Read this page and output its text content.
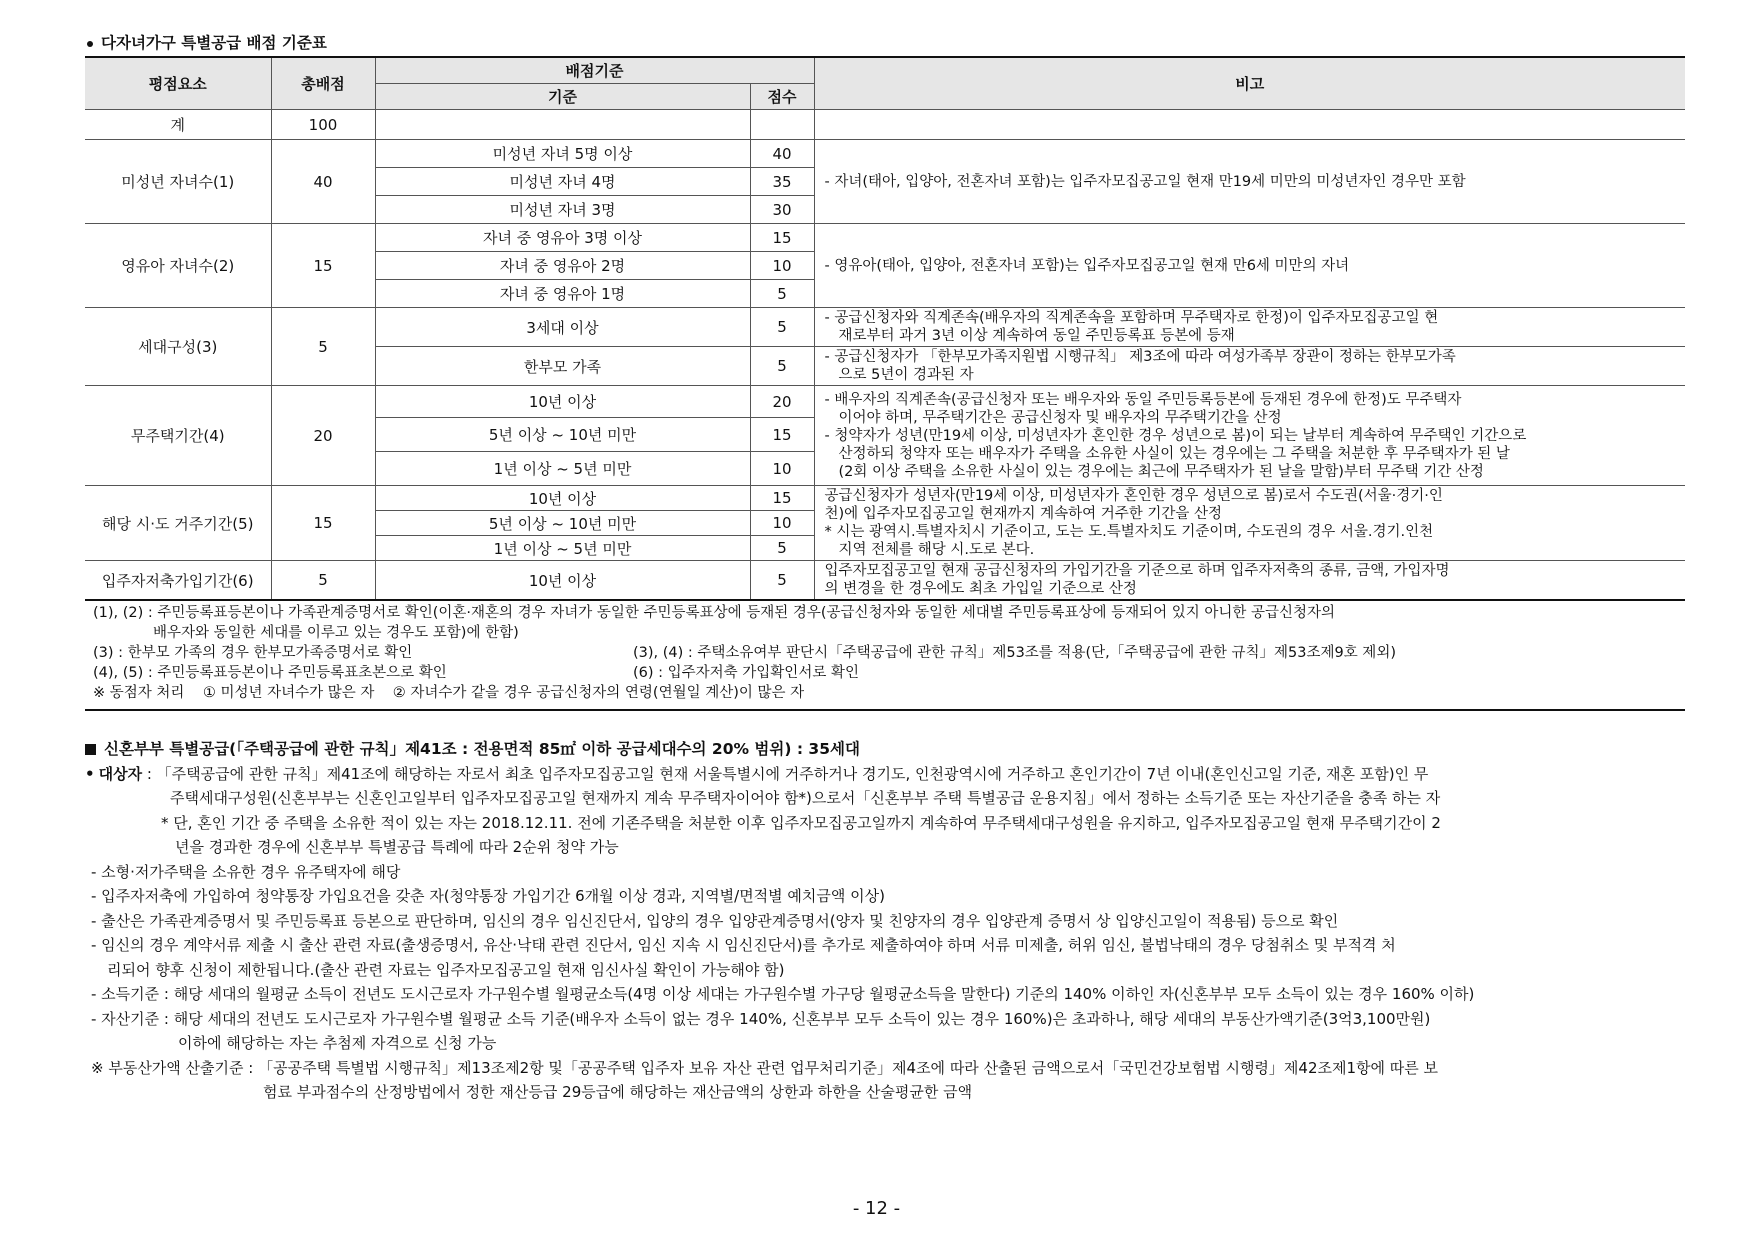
다자녀가구 특별공급 배점 기준표
평점요소	총배점	배점기준		비고
		기준	점수	
계	100			
미성년 자녀수(1)	40	미성년 자녀 5명 이상	40	- 자녀(태아, 입양아, 전혼자녀 포함)는 입주자모집공고일 현재 만19세 미만의 미성년자인 경우만 포함
		미성년 자녀 4명	35	
		미성년 자녀 3명	30	
영유아 자녀수(2)	15	자녀 중 영유아 3명 이상	15	- 영유아(태아, 입양아, 전혼자녀 포함)는 입주자모집공고일 현재 만6세 미만의 자녀
		자녀 중 영유아 2명	10	
		자녀 중 영유아 1명	5	
세대구성(3)	5	3세대 이상	5	- 공급신청자와 직계존속(배우자의 직계존속을 포함하며 무주택자로 한정)이 입주자모집공고일 현
재로부터 과거 3년 이상 계속하여 동일 주민등록표 등본에 등재

		한부모 가족	5	- 공급신청자가 「한부모가족지원법 시행규칙」 제3조에 따라 여성가족부 장관이 정하는 한부모가족
으로 5년이 경과된 자

무주택기간(4)	20	10년 이상	20	- 배우자의 직계존속(공급신청자 또는 배우자와 동일 주민등록등본에 등재된 경우에 한정)도 무주택자
이어야 하며, 무주택기간은 공급신청자 및 배우자의 무주택기간을 산정
- 청약자가 성년(만19세 이상, 미성년자가 혼인한 경우 성년으로 봄)이 되는 날부터 계속하여 무주택인 기간으로
산정하되 청약자 또는 배우자가 주택을 소유한 사실이 있는 경우에는 그 주택을 처분한 후 무주택자가 된 날
(2회 이상 주택을 소유한 사실이 있는 경우에는 최근에 무주택자가 된 날을 말함)부터 무주택 기간 산정

		5년 이상 ~ 10년 미만	15	
		1년 이상 ~ 5년 미만	10	
해당 시·도 거주기간(5)	15	10년 이상	15	공급신청자가 성년자(만19세 이상, 미성년자가 혼인한 경우 성년으로 봄)로서 수도권(서울·경기·인
천)에 입주자모집공고일 현재까지 계속하여 거주한 기간을 산정
* 시는 광역시.특별자치시 기준이고, 도는 도.특별자치도 기준이며, 수도권의 경우 서울.경기.인천
지역 전체를 해당 시.도로 본다.

		5년 이상 ~ 10년 미만	10	
		1년 이상 ~ 5년 미만	5	
입주자저축가입기간(6)	5	10년 이상	5	입주자모집공고일 현재 공급신청자의 가입기간을 기준으로 하며 입주자저축의 종류, 금액, 가입자명
의 변경을 한 경우에도 최초 가입일 기준으로 산정
(1), (2) : 주민등록표등본이나 가족관계증명서로 확인(이혼·재혼의 경우 자녀가 동일한 주민등록표상에 등재된 경우(공급신청자와 동일한 세대별 주민등록표상에 등재되어 있지 아니한 공급신청자의
배우자와 동일한 세대를 이루고 있는 경우도 포함)에 한함)
(3) : 한부모 가족의 경우 한부모가족증명서로 확인	(3), (4) : 주택소유여부 판단시「주택공급에 관한 규칙」제53조를 적용(단,「주택공급에 관한 규칙」제53조제9호 제외)
(4), (5) : 주민등록표등본이나 주민등록표초본으로 확인	(6) : 입주자저축 가입확인서로 확인
※ 동점자 처리    ① 미성년 자녀수가 많은 자    ② 자녀수가 같을 경우 공급신청자의 연령(연월일 계산)이 많은 자
신혼부부 특별공급(「주택공급에 관한 규칙」제41조 : 전용면적 85㎡ 이하 공급세대수의 20% 범위) : 35세대
• 대상자 : 「주택공급에 관한 규칙」제41조에 해당하는 자로서 최초 입주자모집공고일 현재 서울특별시에 거주하거나 경기도, 인천광역시에 거주하고 혼인기간이 7년 이내(혼인신고일 기준, 재혼 포함)인 무
주택세대구성원(신혼부부는 신혼인고일부터 입주자모집공고일 현재까지 계속 무주택자이어야 함*)으로서「신혼부부 주택 특별공급 운용지침」에서 정하는 소득기준 또는 자산기준을 충족 하는 자
* 단, 혼인 기간 중 주택을 소유한 적이 있는 자는 2018.12.11. 전에 기존주택을 처분한 이후 입주자모집공고일까지 계속하여 무주택세대구성원을 유지하고, 입주자모집공고일 현재 무주택기간이 2
년을 경과한 경우에 신혼부부 특별공급 특례에 따라 2순위 청약 가능
- 소형·저가주택을 소유한 경우 유주택자에 해당
- 입주자저축에 가입하여 청약통장 가입요건을 갖춘 자(청약통장 가입기간 6개월 이상 경과, 지역별/면적별 예치금액 이상)
- 출산은 가족관계증명서 및 주민등록표 등본으로 판단하며, 임신의 경우 임신진단서, 입양의 경우 입양관계증명서(양자 및 친양자의 경우 입양관계 증명서 상 입양신고일이 적용됨) 등으로 확인
- 임신의 경우 계약서류 제출 시 출산 관련 자료(출생증명서, 유산·낙태 관련 진단서, 임신 지속 시 임신진단서)를 추가로 제출하여야 하며 서류 미제출, 허위 임신, 불법낙태의 경우 당첨취소 및 부적격 처
리되어 향후 신청이 제한됩니다.(출산 관련 자료는 입주자모집공고일 현재 임신사실 확인이 가능해야 함)
- 소득기준 : 해당 세대의 월평균 소득이 전년도 도시근로자 가구원수별 월평균소득(4명 이상 세대는 가구원수별 가구당 월평균소득을 말한다) 기준의 140% 이하인 자(신혼부부 모두 소득이 있는 경우 160% 이하)
- 자산기준 : 해당 세대의 전년도 도시근로자 가구원수별 월평균 소득 기준(배우자 소득이 없는 경우 140%, 신혼부부 모두 소득이 있는 경우 160%)은 초과하나, 해당 세대의 부동산가액기준(3억3,100만원)
이하에 해당하는 자는 추첨제 자격으로 신청 가능
※ 부동산가액 산출기준 : 「공공주택 특별법 시행규칙」제13조제2항 및「공공주택 입주자 보유 자산 관련 업무처리기준」제4조에 따라 산출된 금액으로서「국민건강보험법 시행령」제42조제1항에 따른 보
험료 부과점수의 산정방법에서 정한 재산등급 29등급에 해당하는 재산금액의 상한과 하한을 산술평균한 금액
- 12 -
